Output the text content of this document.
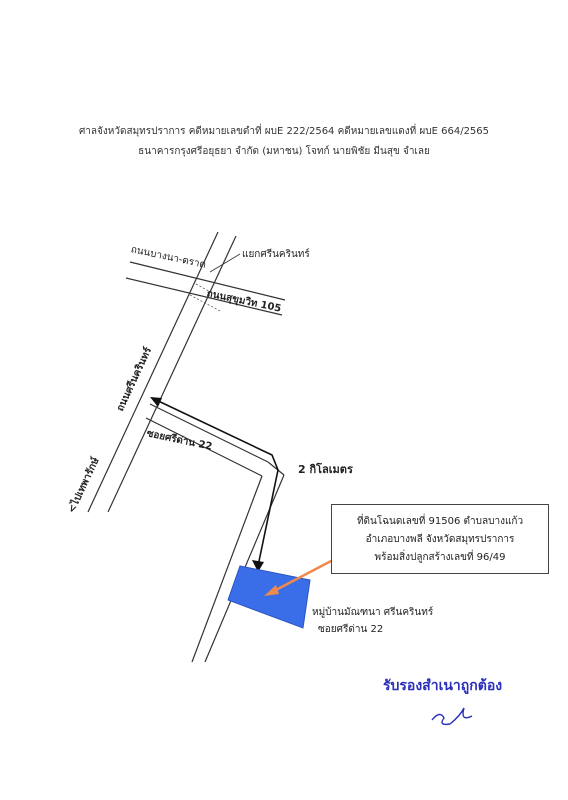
ศาลจังหวัดสมุทรปราการ คดีหมายเลขดำที่ ผบE 222/2564 คดีหมายเลขแดงที่ ผบE 664/2565
ธนาคารกรุงศรีอยุธยา จำกัด (มหาชน) โจทก์ นายพิชัย มีนสุข จำเลย
แยกศรีนครินทร์
ถนนสุขุมวิท 105
ถนนบางนา-ตราด
ถนนศรีนครินทร์
ซอยศรีด่าน 22
<ไปเทพารักษ์	2 กิโลเมตร
หมู่บ้านมัณฑนา ศรีนครินทร์
ซอยศรีด่าน 22
ที่ดินโฉนดเลขที่ 91506 ตำบลบางแก้ว
อำเภอบางพลี จังหวัดสมุทรปราการ
พร้อมสิ่งปลูกสร้างเลขที่ 96/49
รับรองสำเนาถูกต้อง
